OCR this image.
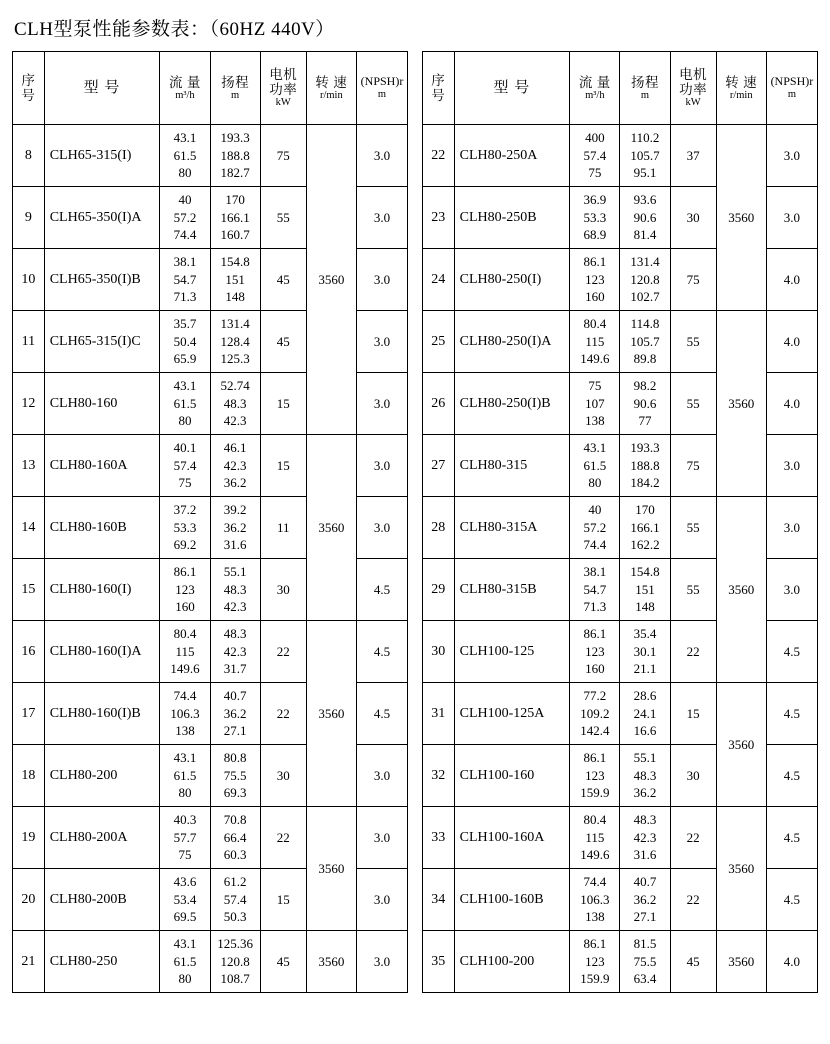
CLH型泵性能参数表：（60HZ 440V）
序
号	型 号	流 量
m³/h	扬程
m	电机
功率
kW	转 速
r/min	(NPSH)r
m

8	CLH65-315(I)	43.1
61.5
80	193.3
188.8
182.7	75	3560	3.0
9	CLH65-350(I)A	40
57.2
74.4	170
166.1
160.7	55		3.0
10	CLH65-350(I)B	38.1
54.7
71.3	154.8
151
148	45		3.0
11	CLH65-315(I)C	35.7
50.4
65.9	131.4
128.4
125.3	45		3.0
12	CLH80-160	43.1
61.5
80	52.74
48.3
42.3	15		3.0
13	CLH80-160A	40.1
57.4
75	46.1
42.3
36.2	15	3560	3.0
14	CLH80-160B	37.2
53.3
69.2	39.2
36.2
31.6	11		3.0
15	CLH80-160(I)	86.1
123
160	55.1
48.3
42.3	30		4.5
16	CLH80-160(I)A	80.4
115
149.6	48.3
42.3
31.7	22	3560	4.5
17	CLH80-160(I)B	74.4
106.3
138	40.7
36.2
27.1	22		4.5
18	CLH80-200	43.1
61.5
80	80.8
75.5
69.3	30		3.0
19	CLH80-200A	40.3
57.7
75	70.8
66.4
60.3	22	3560	3.0
20	CLH80-200B	43.6
53.4
69.5	61.2
57.4
50.3	15		3.0
21	CLH80-250	43.1
61.5
80	125.36
120.8
108.7	45	3560	3.0
序
号	型 号	流 量
m³/h	扬程
m	电机
功率
kW	转 速
r/min	(NPSH)r
m

22	CLH80-250A	400
57.4
75	110.2
105.7
95.1	37	3560	3.0
23	CLH80-250B	36.9
53.3
68.9	93.6
90.6
81.4	30		3.0
24	CLH80-250(I)	86.1
123
160	131.4
120.8
102.7	75		4.0
25	CLH80-250(I)A	80.4
115
149.6	114.8
105.7
89.8	55	3560	4.0
26	CLH80-250(I)B	75
107
138	98.2
90.6
77	55		4.0
27	CLH80-315	43.1
61.5
80	193.3
188.8
184.2	75		3.0
28	CLH80-315A	40
57.2
74.4	170
166.1
162.2	55	3560	3.0
29	CLH80-315B	38.1
54.7
71.3	154.8
151
148	55		3.0
30	CLH100-125	86.1
123
160	35.4
30.1
21.1	22		4.5
31	CLH100-125A	77.2
109.2
142.4	28.6
24.1
16.6	15	3560	4.5
32	CLH100-160	86.1
123
159.9	55.1
48.3
36.2	30		4.5
33	CLH100-160A	80.4
115
149.6	48.3
42.3
31.6	22	3560	4.5
34	CLH100-160B	74.4
106.3
138	40.7
36.2
27.1	22		4.5
35	CLH100-200	86.1
123
159.9	81.5
75.5
63.4	45	3560	4.0
